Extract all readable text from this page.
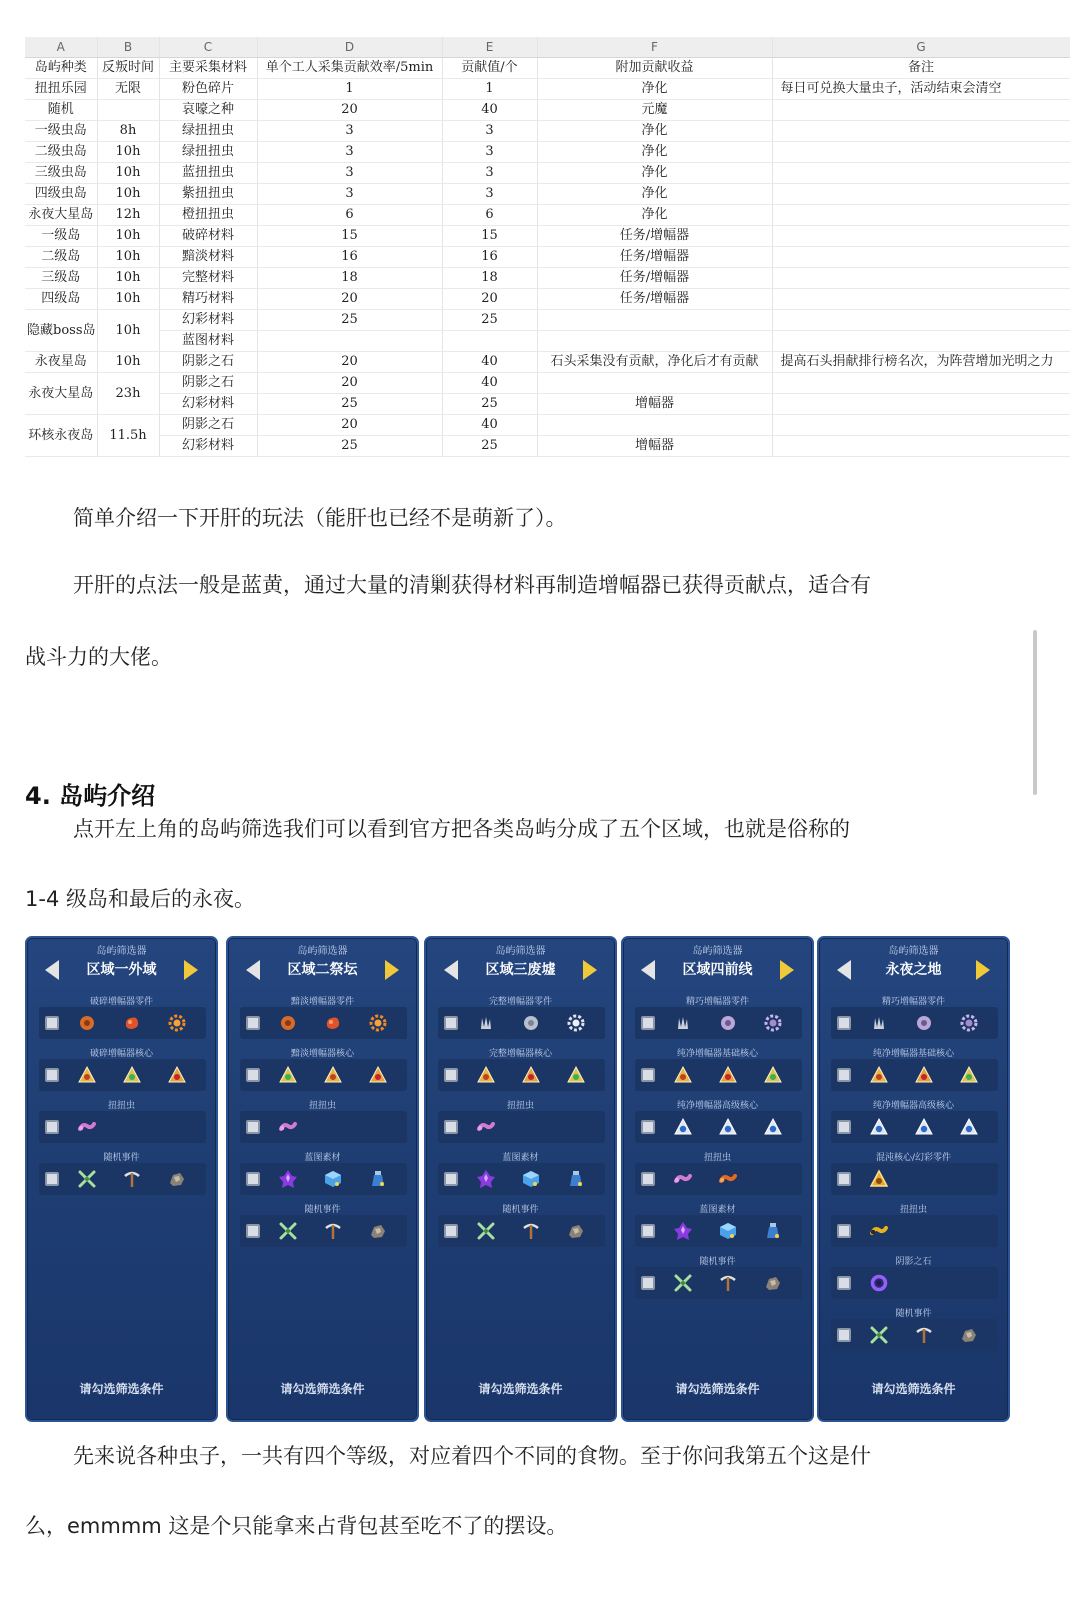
A	B	C	D	E	F	G
岛屿种类	反叛时间	主要采集材料	单个工人采集贡献效率/5min	贡献值/个	附加贡献收益	备注
扭扭乐园	无限	粉色碎片	1	1	净化	每日可兑换大量虫子，活动结束会清空
随机		哀嚎之种	20	40	元魔	
一级虫岛	8h	绿扭扭虫	3	3	净化	
二级虫岛	10h	绿扭扭虫	3	3	净化	
三级虫岛	10h	蓝扭扭虫	3	3	净化	
四级虫岛	10h	紫扭扭虫	3	3	净化	
永夜大星岛	12h	橙扭扭虫	6	6	净化	
一级岛	10h	破碎材料	15	15	任务/增幅器	
二级岛	10h	黯淡材料	16	16	任务/增幅器	
三级岛	10h	完整材料	18	18	任务/增幅器	
四级岛	10h	精巧材料	20	20	任务/增幅器	
隐藏boss岛	10h	幻彩材料	25	25		
		蓝图材料				
永夜星岛	10h	阴影之石	20	40	石头采集没有贡献，净化后才有贡献	提高石头捐献排行榜名次，为阵营增加光明之力
永夜大星岛	23h	阴影之石	20	40		
		幻彩材料	25	25	增幅器	
环核永夜岛	11.5h	阴影之石	20	40		
		幻彩材料	25	25	增幅器	
简单介绍一下开肝的玩法（能肝也已经不是萌新了）。
开肝的点法一般是蓝黄，通过大量的清剿获得材料再制造增幅器已获得贡献点，适合有
战斗力的大佬。
4. 岛屿介绍
点开左上角的岛屿筛选我们可以看到官方把各类岛屿分成了五个区域，也就是俗称的
1-4 级岛和最后的永夜。
岛屿筛选器
区域一外域
破碎增幅器零件
破碎增幅器核心
扭扭虫
随机事件
请勾选筛选条件
岛屿筛选器
区域二祭坛
黯淡增幅器零件
黯淡增幅器核心
扭扭虫
蓝图素材
随机事件
请勾选筛选条件
岛屿筛选器
区域三废墟
完整增幅器零件
完整增幅器核心
扭扭虫
蓝图素材
随机事件
请勾选筛选条件
岛屿筛选器
区域四前线
精巧增幅器零件
纯净增幅器基础核心
纯净增幅器高级核心
扭扭虫
蓝图素材
随机事件
请勾选筛选条件
岛屿筛选器
永夜之地
精巧增幅器零件
纯净增幅器基础核心
纯净增幅器高级核心
混沌核心/幻彩零件
扭扭虫
阴影之石
随机事件
请勾选筛选条件
先来说各种虫子，一共有四个等级，对应着四个不同的食物。至于你问我第五个这是什
么，emmmm 这是个只能拿来占背包甚至吃不了的摆设。
